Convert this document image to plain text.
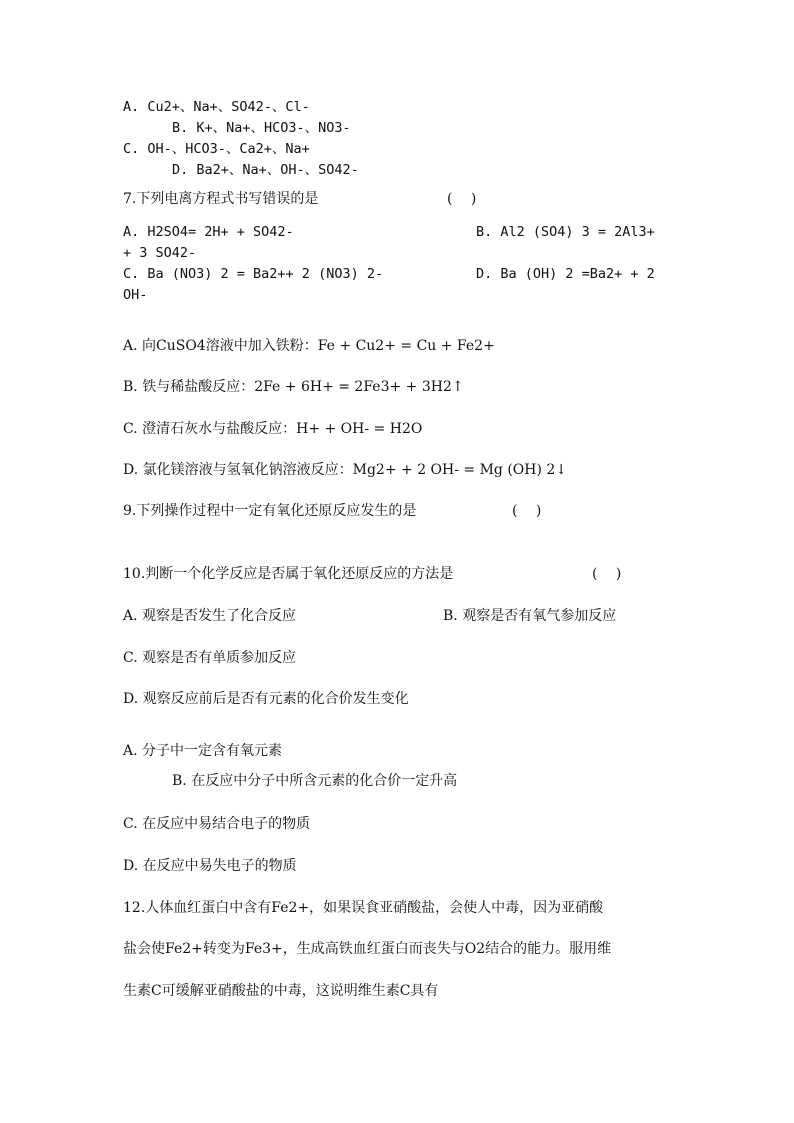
A. Cu2+、Na+、SO42-、Cl-
B. K+、Na+、HCO3-、NO3-
C. OH-、HCO3-、Ca2+、Na+
D. Ba2+、Na+、OH-、SO42-
7.下列电离方程式书写错误的是	(　 )
A. H2SO4= 2H+ + SO42-	B. Al2 (SO4) 3 = 2Al3+
+ 3 SO42-
C. Ba (NO3) 2 = Ba2++ 2 (NO3) 2-	D. Ba (OH) 2 =Ba2+ + 2
OH-
A. 向CuSO4溶液中加入铁粉：Fe + Cu2+ = Cu + Fe2+
B. 铁与稀盐酸反应：2Fe + 6H+ = 2Fe3+ + 3H2↑
C. 澄清石灰水与盐酸反应：H+ + OH- = H2O
D. 氯化镁溶液与氢氧化钠溶液反应：Mg2+ + 2 OH- = Mg (OH) 2↓
9.下列操作过程中一定有氧化还原反应发生的是	(　 )
10.判断一个化学反应是否属于氧化还原反应的方法是	(　 )
A. 观察是否发生了化合反应	B. 观察是否有氧气参加反应
C. 观察是否有单质参加反应
D. 观察反应前后是否有元素的化合价发生变化
A. 分子中一定含有氧元素
B. 在反应中分子中所含元素的化合价一定升高
C. 在反应中易结合电子的物质
D. 在反应中易失电子的物质
12.人体血红蛋白中含有Fe2+，如果误食亚硝酸盐，会使人中毒，因为亚硝酸
盐会使Fe2+转变为Fe3+，生成高铁血红蛋白而丧失与O2结合的能力。服用维
生素C可缓解亚硝酸盐的中毒，这说明维生素C具有
